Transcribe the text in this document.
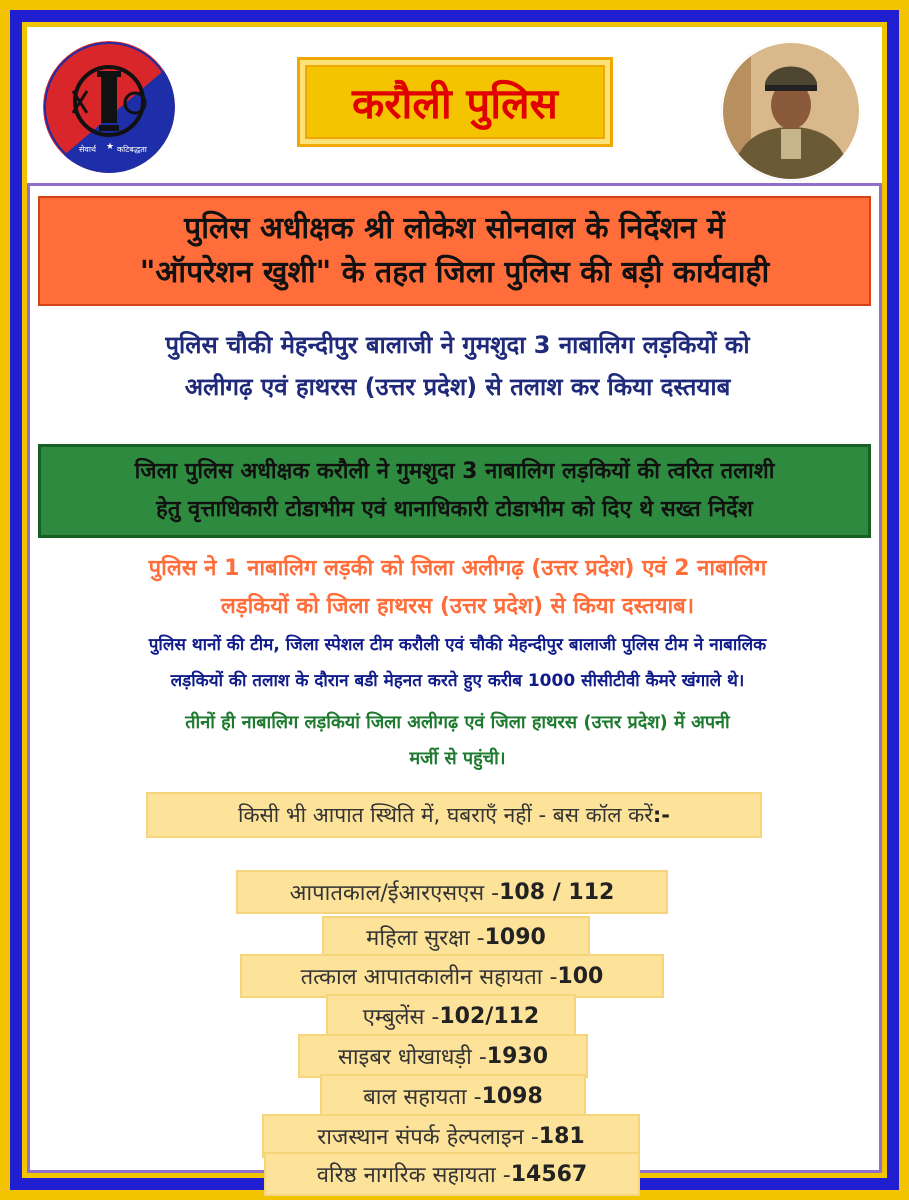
सेवार्थ ★ कटिबद्धता
करौली पुलिस
पुलिस अधीक्षक श्री लोकेश सोनवाल के निर्देशन में
"ऑपरेशन खुशी" के तहत जिला पुलिस की बड़ी कार्यवाही
पुलिस चौकी मेहन्दीपुर बालाजी ने गुमशुदा 3 नाबालिग लड़कियों को
अलीगढ़ एवं हाथरस (उत्तर प्रदेश) से तलाश कर किया दस्तयाब
जिला पुलिस अधीक्षक करौली ने गुमशुदा 3 नाबालिग लड़कियों की त्वरित तलाशी
हेतु वृत्ताधिकारी टोडाभीम एवं थानाधिकारी टोडाभीम को दिए थे सख्त निर्देश
पुलिस ने 1 नाबालिग लड़की को जिला अलीगढ़ (उत्तर प्रदेश) एवं 2 नाबालिग
लड़कियों को जिला हाथरस (उत्तर प्रदेश) से किया दस्तयाब।
पुलिस थानों की टीम, जिला स्पेशल टीम करौली एवं चौकी मेहन्दीपुर बालाजी पुलिस टीम ने नाबालिक
लड़कियों की तलाश के दौरान बडी मेहनत करते हुए करीब 1000 सीसीटीवी कैमरे खंगाले थे।
तीनों ही नाबालिग लड़कियां जिला अलीगढ़ एवं जिला हाथरस (उत्तर प्रदेश) में अपनी
मर्जी से पहुंची।
किसी भी आपात स्थिति में, घबराएँ नहीं - बस कॉल करें :-
आपातकाल/ईआरएसएस - 108 / 112
महिला सुरक्षा - 1090
तत्काल आपातकालीन सहायता - 100
एम्बुलेंस - 102/112
साइबर धोखाधड़ी - 1930
बाल सहायता - 1098
राजस्थान संपर्क हेल्पलाइन - 181
वरिष्ठ नागरिक सहायता - 14567
